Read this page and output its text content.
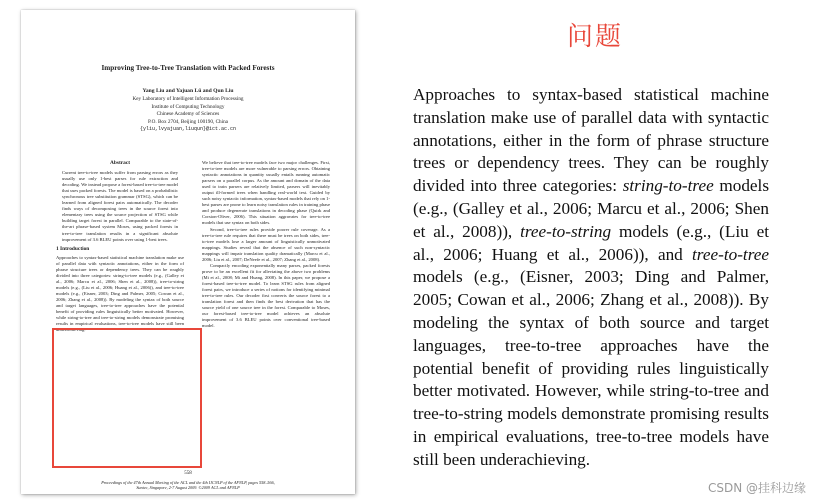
Improving Tree-to-Tree Translation with Packed Forests
Yang Liu and Yajuan Lü and Qun Liu
Key Laboratory of Intelligent Information Processing
Institute of Computing Technology
Chinese Academy of Sciences
P.O. Box 2704, Beijing 100190, China
{yliu,lvyajuan,liuqun}@ict.ac.cn
Abstract
Current tree-to-tree models suffer from parsing errors as they usually use only 1-best parses for rule extraction and decoding. We instead propose a forest-based tree-to-tree model that uses packed forests. The model is based on a probabilistic synchronous tree substitution grammar (STSG), which can be learned from aligned forest pairs automatically. The decoder finds ways of decomposing trees in the source forest into elementary trees using the source projection of STSG while building target forest in parallel. Comparable to the state-of-the-art phrase-based system Moses, using packed forests in tree-to-tree translation results in a significant absolute improvement of 3.6 BLEU points over using 1-best trees.
1 Introduction
Approaches to syntax-based statistical machine translation make use of parallel data with syntactic annotations, either in the form of phrase structure trees or dependency trees. They can be roughly divided into three categories: string-to-tree models (e.g., (Galley et al., 2006; Marcu et al., 2006; Shen et al., 2008)), tree-to-string models (e.g., (Liu et al., 2006; Huang et al., 2006)), and tree-to-tree models (e.g., (Eisner, 2003; Ding and Palmer, 2005; Cowan et al., 2006; Zhang et al., 2008)). By modeling the syntax of both source and target languages, tree-to-tree approaches have the potential benefit of providing rules linguistically better motivated. However, while string-to-tree and tree-to-string models demonstrate promising results in empirical evaluations, tree-to-tree models have still been underachieving.

We believe that tree-to-tree models face two major challenges. First, tree-to-tree models are more vulnerable to parsing errors. Obtaining syntactic annotations in quantity usually entails running automatic parsers on a parallel corpus. As the amount and domain of the data used to train parsers are relatively limited, parsers will inevitably output ill-formed trees when handling real-world text. Guided by such noisy syntactic information, syntax-based models that rely on 1-best parses are prone to learn noisy translation rules in training phase and produce degenerate translations in decoding phase (Quirk and Corston-Oliver, 2006). This situation aggravates for tree-to-tree models that use syntax on both sides.

Second, tree-to-tree rules provide poorer rule coverage. As a tree-to-tree rule requires that there must be trees on both sides, tree-to-tree models lose a larger amount of linguistically unmotivated mappings. Studies reveal that the absence of such non-syntactic mappings will impair translation quality dramatically (Marcu et al., 2006; Liu et al., 2007; DeNeefe et al., 2007; Zhang et al., 2008).

Compactly encoding exponentially many parses, packed forests prove to be an excellent fit for alleviating the above two problems (Mi et al., 2008; Mi and Huang, 2008). In this paper, we propose a forest-based tree-to-tree model. To learn STSG rules from aligned forest pairs, we introduce a series of notions for identifying minimal tree-to-tree rules. Our decoder first converts the source forest to a translation forest and then finds the best derivation that has the source yield of one source tree in the forest. Comparable to Moses, our forest-based tree-to-tree model achieves an absolute improvement of 3.6 BLEU points over conventional tree-based model.

558
Proceedings of the 47th Annual Meeting of the ACL and the 4th IJCNLP of the AFNLP, pages 558–566,
Suntec, Singapore, 2-7 August 2009. ©2009 ACL and AFNLP
问题

Approaches to syntax-based statistical machine translation make use of parallel data with syntactic annotations, either in the form of phrase structure trees or dependency trees. They can be roughly divided into three categories: string-to-tree models (e.g., (Galley et al., 2006; Marcu et al., 2006; Shen et al., 2008)), tree-to-string models (e.g., (Liu et al., 2006; Huang et al., 2006)), and tree-to-tree models (e.g., (Eisner, 2003; Ding and Palmer, 2005; Cowan et al., 2006; Zhang et al., 2008)). By modeling the syntax of both source and target languages, tree-to-tree approaches have the potential benefit of providing rules linguistically better motivated. However, while string-to-tree and tree-to-string models demonstrate promising results in empirical evaluations, tree-to-tree models have still been underachieving.

CSDN @挂科边缘
